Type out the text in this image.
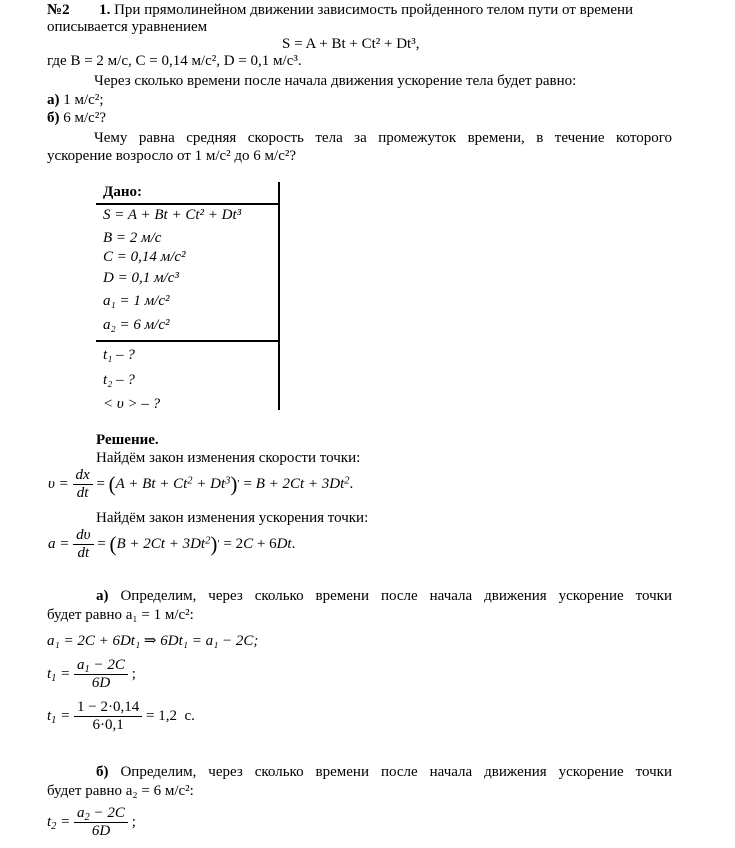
№2 1. При прямолинейном движении зависимость пройденного телом пути от времени
описывается уравнением
S = A + Bt + Ct² + Dt³,
где B = 2 м/с, C = 0,14 м/с², D = 0,1 м/с³.
Через сколько времени после начала движения ускорение тела будет равно:
а) 1 м/с²;
б) 6 м/с²?
Чему равна средняя скорость тела за промежуток времени, в течение которого
ускорение возросло от 1 м/с² до 6 м/с²?
Дано:
S = A + Bt + Ct² + Dt³
B = 2 м/с
C = 0,14 м/с²
D = 0,1 м/с³
a₁ = 1 м/с²
a₂ = 6 м/с²
t₁ – ?
t₂ – ?
< υ > – ?
Решение.
Найдём закон изменения скорости точки:
$\upsilon = \frac{dx}{dt}$ = ( $A + Bt + Ct^2 + Dt^3$ ) ′ = $B + 2Ct + 3Dt^2$ .
Найдём закон изменения ускорения точки:
$a = \frac{d\upsilon}{dt}$ = ( $B + 2Ct + 3Dt^2$ ) ′ = 2 C + 6 Dt .
а) Определим, через сколько времени после начала движения ускорение точки
будет равно a₁ = 1 м/с²:
a₁ = 2C + 6Dt₁ ⇒ 6Dt₁ = a₁ − 2C;
$t_1 = \frac{a_1 - 2C}{6D}$ ;
$t_1 = \frac{1 - 2\cdot 0,14}{6\cdot 0,1} = 1,2$  с.
б) Определим, через сколько времени после начала движения ускорение точки
будет равно a₂ = 6 м/с²:
$t_2 = \frac{a_2 - 2C}{6D}$ ;
